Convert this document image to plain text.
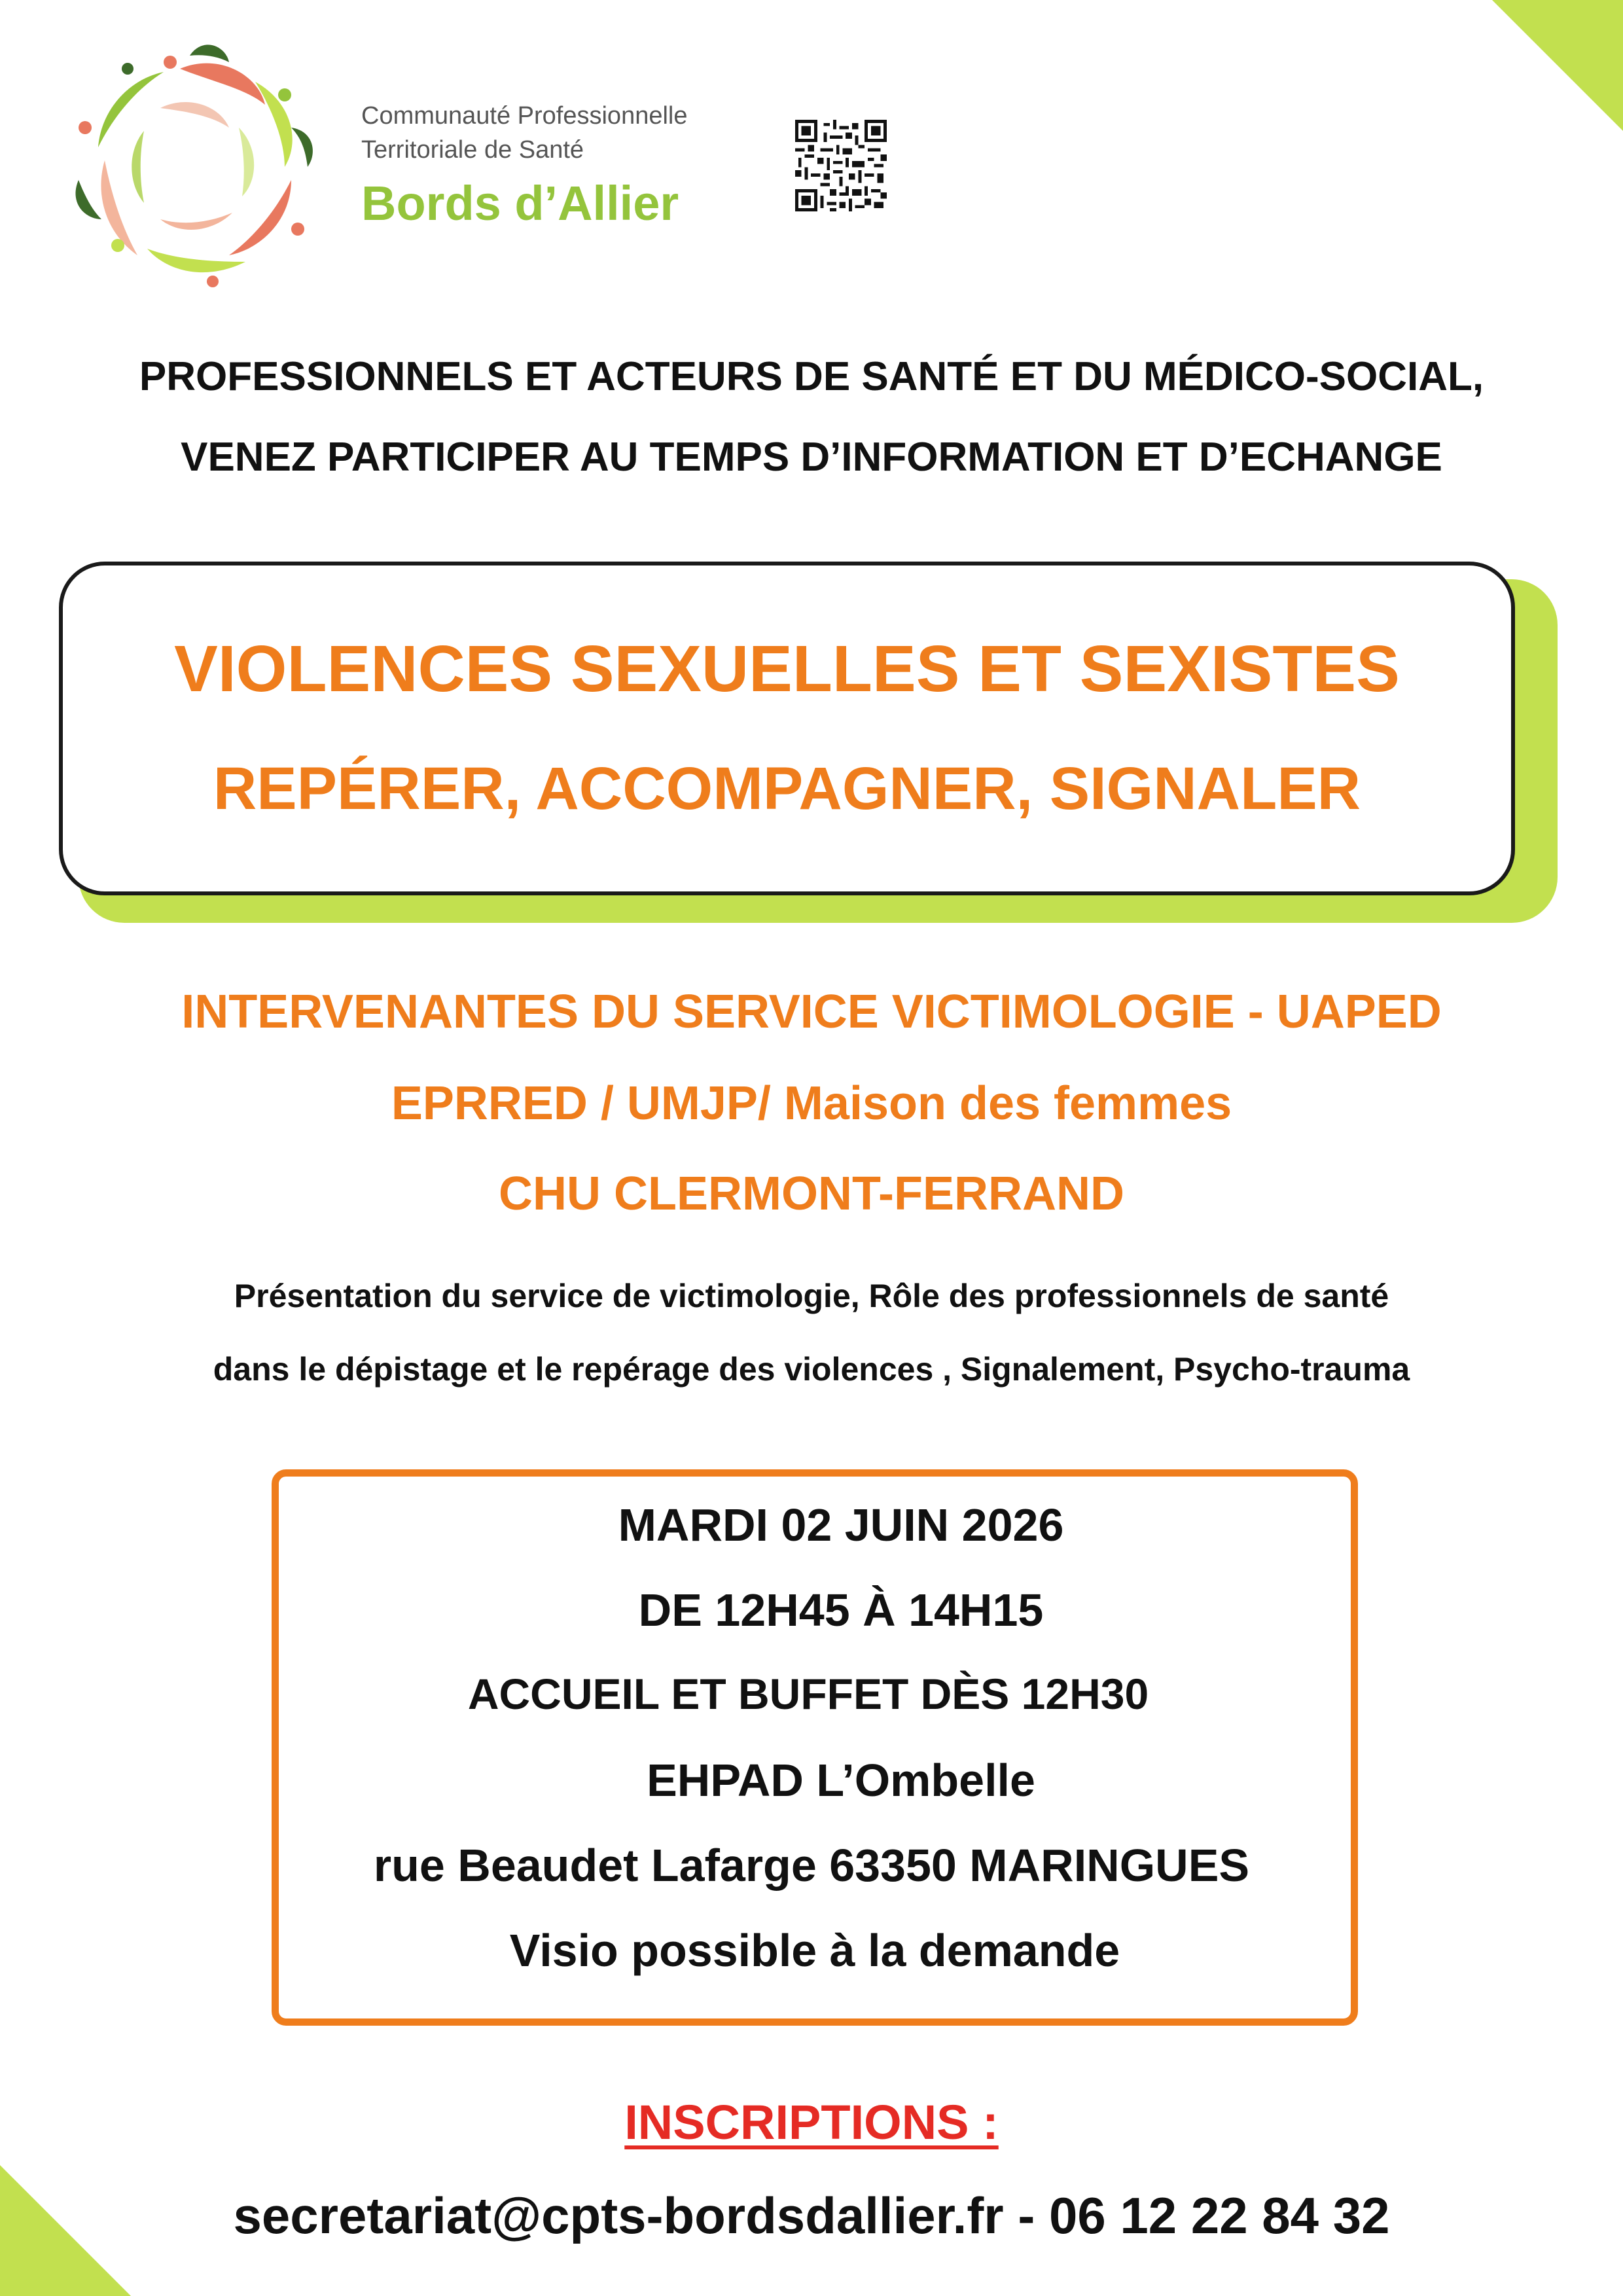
Communauté Professionnelle
Territoriale de Santé
Bords d’Allier
PROFESSIONNELS ET ACTEURS DE SANTÉ ET DU MÉDICO-SOCIAL,
VENEZ PARTICIPER AU TEMPS D’INFORMATION ET D’ECHANGE
VIOLENCES SEXUELLES ET SEXISTES
REPÉRER, ACCOMPAGNER, SIGNALER
INTERVENANTES DU SERVICE VICTIMOLOGIE - UAPED
EPRRED / UMJP/ Maison des femmes
CHU CLERMONT-FERRAND
Présentation du service de victimologie, Rôle des professionnels de santé
dans le dépistage et le repérage des violences , Signalement, Psycho-trauma
MARDI 02 JUIN 2026
DE 12H45 À 14H15
ACCUEIL ET BUFFET DÈS 12H30
EHPAD L’Ombelle
rue Beaudet Lafarge 63350 MARINGUES
Visio possible à la demande
INSCRIPTIONS :
secretariat@cpts-bordsdallier.fr - 06 12 22 84 32
